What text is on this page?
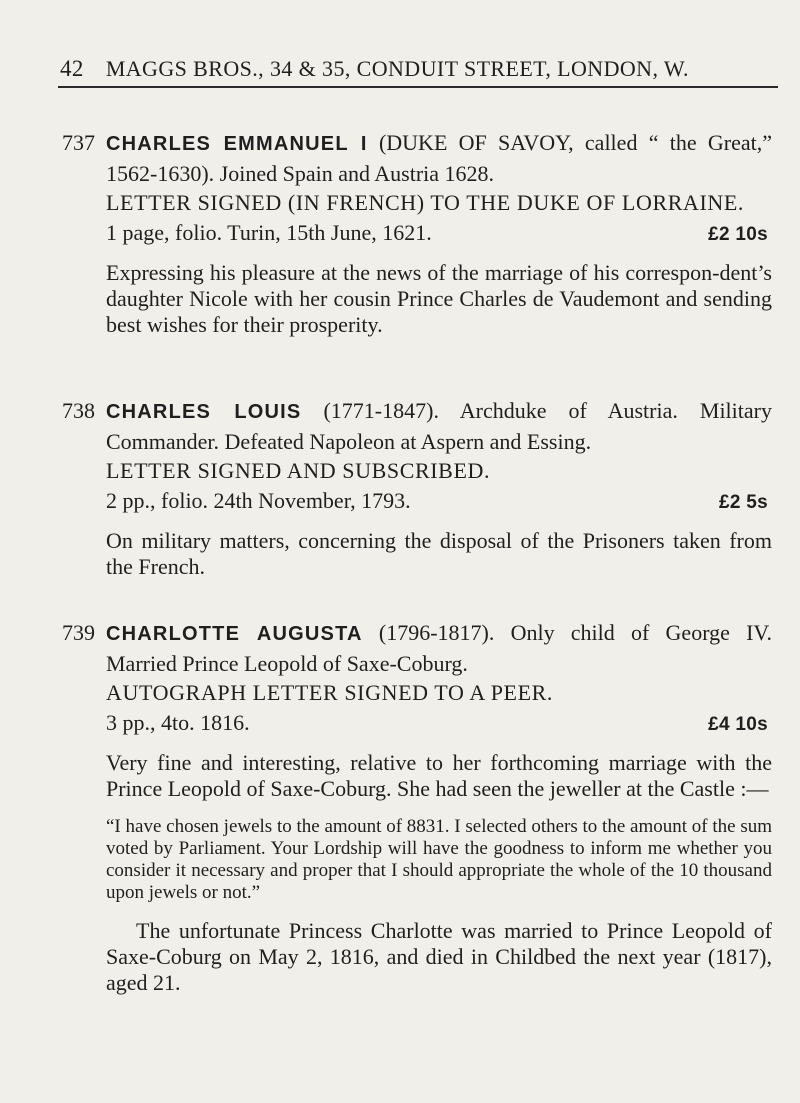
42 MAGGS BROS., 34 & 35, CONDUIT STREET, LONDON, W.
737 CHARLES EMMANUEL I (DUKE OF SAVOY, called “ the Great,” 1562-1630). Joined Spain and Austria 1628.
LETTER SIGNED (IN FRENCH) TO THE DUKE OF LORRAINE.
1 page, folio. Turin, 15th June, 1621.	£2 10s
Expressing his pleasure at the news of the marriage of his correspon-dent’s daughter Nicole with her cousin Prince Charles de Vaudemont and sending best wishes for their prosperity.
738 CHARLES LOUIS (1771-1847). Archduke of Austria. Military Commander. Defeated Napoleon at Aspern and Essing.
LETTER SIGNED AND SUBSCRIBED.
2 pp., folio. 24th November, 1793.	£2 5s
On military matters, concerning the disposal of the Prisoners taken from the French.
739 CHARLOTTE AUGUSTA (1796-1817). Only child of George IV. Married Prince Leopold of Saxe-Coburg.
AUTOGRAPH LETTER SIGNED TO A PEER.
3 pp., 4to. 1816.	£4 10s
Very fine and interesting, relative to her forthcoming marriage with the Prince Leopold of Saxe-Coburg. She had seen the jeweller at the Castle :—
“I have chosen jewels to the amount of 8831. I selected others to the amount of the sum voted by Parliament. Your Lordship will have the goodness to inform me whether you consider it necessary and proper that I should appropriate the whole of the 10 thousand upon jewels or not.”
The unfortunate Princess Charlotte was married to Prince Leopold of Saxe-Coburg on May 2, 1816, and died in Childbed the next year (1817), aged 21.
